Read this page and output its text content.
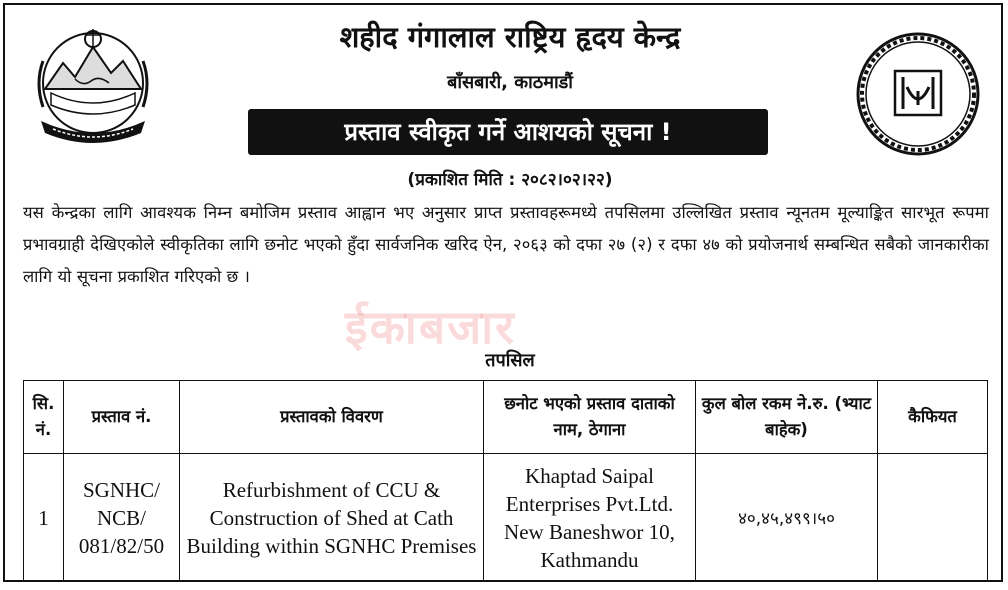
शहीद गंगालाल राष्ट्रिय हृदय केन्द्र
बाँसबारी, काठमाडौं
प्रस्ताव स्वीकृत गर्ने आशयको सूचना !
(प्रकाशित मिति : २०८२।०२।२२)
यस केन्द्रका लागि आवश्यक निम्न बमोजिम प्रस्ताव आह्वान भए अनुसार प्राप्त प्रस्तावहरूमध्ये तपसिलमा उल्लिखित प्रस्ताव न्यूनतम मूल्याङ्कित सारभूत रूपमा प्रभावग्राही देखिएकोले स्वीकृतिका लागि छनोट भएको हुँदा सार्वजनिक खरिद ऐन, २०६३ को दफा २७ (२) र दफा ४७ को प्रयोजनार्थ सम्बन्धित सबैको जानकारीका लागि यो सूचना प्रकाशित गरिएको छ ।
ईकाबजार
तपसिल
सि. नं.	प्रस्ताव नं.	प्रस्तावको विवरण	छनोट भएको प्रस्ताव दाताको नाम, ठेगाना	कुल बोल रकम ने.रु. (भ्याट बाहेक)	कैफियत
1	SGNHC/ NCB/ 081/82/50	Refurbishment of CCU & Construction of Shed at Cath Building within SGNHC Premises	Khaptad Saipal Enterprises Pvt.Ltd. New Baneshwor 10, Kathmandu	४०,४५,४९९।५०	
